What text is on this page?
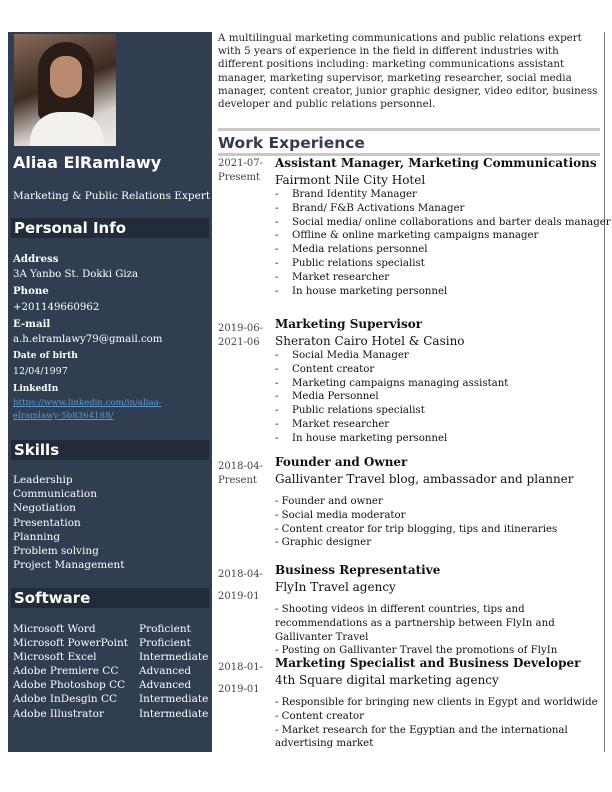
Aliaa ElRamlawy
Marketing & Public Relations Expert
Personal Info
Address
3A Yanbo St. Dokki Giza
Phone
+201149660962
E-mail
a.h.elramlawy79@gmail.com
Date of birth
12/04/1997
LinkedIn
https://www.linkedin.com/in/aliaa-
elramlawy-5b8364188/
Skills
Leadership
Communication
Negotiation
Presentation
Planning
Problem solving
Project Management
Software
Microsoft Word	Proficient
Microsoft PowerPoint Proficient
Microsoft Excel	Intermediate
Adobe Premiere CC Advanced
Adobe Photoshop CC Advanced
Adobe InDesgin CC Intermediate
Adobe Illustrator	Intermediate
A multilingual marketing communications and public relations expert with 5 years of experience in the field in different industries with different positions including: marketing communications assistant manager, marketing supervisor, marketing researcher, social media manager, content creator, junior graphic designer, video editor, business developer and public relations personnel.
Work Experience
2021-07-
Presemt
Assistant Manager, Marketing Communications
Fairmont Nile City Hotel
-	Brand Identity Manager
-	Brand/ F&B Activations Manager
-	Social media/ online collaborations and barter deals manager
-	Offline & online marketing campaigns manager
-	Media relations personnel
-	Public relations specialist
-	Market researcher
-	In house marketing personnel
2019-06-
2021-06
Marketing Supervisor
Sheraton Cairo Hotel & Casino
-	Social Media Manager
-	Content creator
-	Marketing campaigns managing assistant
-	Media Personnel
-	Public relations specialist
-	Market researcher
-	In house marketing personnel
2018-04-
Present
Founder and Owner
Gallivanter Travel blog, ambassador and planner
- Founder and owner
- Social media moderator
- Content creator for trip blogging, tips and itineraries
- Graphic designer
2018-04-
2019-01
Business Representative
FlyIn Travel agency
- Shooting videos in different countries, tips and recommendations as a partnership between FlyIn and Gallivanter Travel
- Posting on Gallivanter Travel the promotions of FlyIn
2018-01-
2019-01
Marketing Specialist and Business Developer
4th Square digital marketing agency
- Responsible for bringing new clients in Egypt and worldwide
- Content creator
- Market research for the Egyptian and the international advertising market
